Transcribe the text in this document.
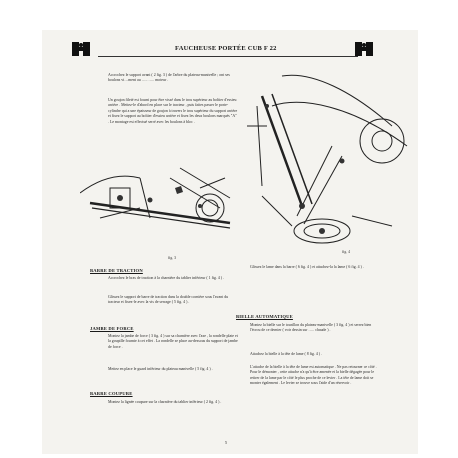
FAUCHEUSE PORTÉE CUB F 22
Accrochez le support avant ( 2 fig. 3 ) de l'arbre du plateau-manivelle ; ont ses boulons vi…ment au ….. ….. moteur .
Un goujon fileté est fourni pour être vissé dans le trou supérieur au boîtier d'essieu arrière . Mettez-le d'abord en place sur le tracteur , puis faites passer le porte-cylindre qui a une épaisseur de goujon à travers le trou supérieur du support arrière et fixez le support au boîtier d'essieu arrière et fixez les deux boulons marqués "A" . Le montage est effectué serré avec les boulons à bloc .
fig. 3
BARRE DE TRACTION
Accrochez le bras de traction à la charnière du tablier inférieur ( 1 fig. 4 ) .
Glissez le support de barre de traction dans la double cornière sous l'avant du tracteur et fixez-le avec la vis de serrage ( 5 fig. 4 ) .
JAMBE DE FORCE
Montez la jambe de force ( 3 fig. 4 ) sur sa charnière avec l'axe , la rondelle plate et la goupille fournie à cet effet . La rondelle se place au-dessous du support de jambe de force .
Mettez en place le guard inférieur du plateau manivelle ( 5 fig. 4 ) .
BARRE COUPURE
Montez la lignée coupure sur la charnière du tablier inférieur ( 2 fig. 4 ) .
fig. 4
Glissez le lame dans la barre ( 6 fig. 4 ) et attachez-la la lame ( 6 fig. 4 ) .
BIELLE AUTOMATIQUE
Montez la bielle sur le tourillon du plateau-manivelle ( 3 fig. 4 ) et serrez bien l'écrou de ce dernier ( voir dessin sur ….. chaude ) .
Attachez la bielle à la tête de lame ( 8 fig. 4 ) .
L'attache de la bielle à la tête de lame est automatique . Ne pas retourner ce côté . Pour le démonter , cette attache n'a qu'à être amenée et la bielle dégagée pour le retirer de la lame par le côté le plus proche de ce levier . La tête de lame doit se monter également . Le levier se trouve sous l'aide d'un réservoir .
5
